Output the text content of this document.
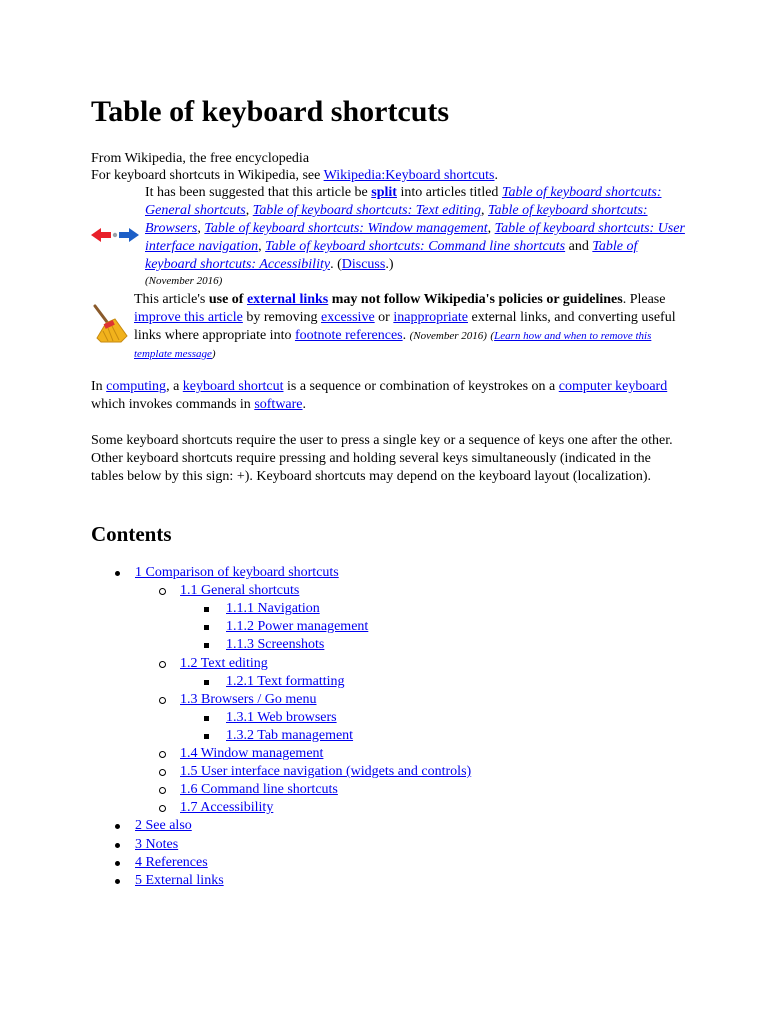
Table of keyboard shortcuts
From Wikipedia, the free encyclopedia
For keyboard shortcuts in Wikipedia, see Wikipedia:Keyboard shortcuts.

It has been suggested that this article be split into articles titled Table of keyboard shortcuts: General shortcuts, Table of keyboard shortcuts: Text editing, Table of keyboard shortcuts: Browsers, Table of keyboard shortcuts: Window management, Table of keyboard shortcuts: User interface navigation, Table of keyboard shortcuts: Command line shortcuts and Table of keyboard shortcuts: Accessibility. (Discuss.)

(November 2016)

This article's use of external links may not follow Wikipedia's policies or guidelines. Please improve this article by removing excessive or inappropriate external links, and converting useful links where appropriate into footnote references. (November 2016) (Learn how and when to remove this template message)

In computing, a keyboard shortcut is a sequence or combination of keystrokes on a computer keyboard which invokes commands in software.

Some keyboard shortcuts require the user to press a single key or a sequence of keys one after the other. Other keyboard shortcuts require pressing and holding several keys simultaneously (indicated in the tables below by this sign: +). Keyboard shortcuts may depend on the keyboard layout (localization).

Contents
1 Comparison of keyboard shortcuts
1.1 General shortcuts
1.1.1 Navigation
1.1.2 Power management
1.1.3 Screenshots
1.2 Text editing
1.2.1 Text formatting
1.3 Browsers / Go menu
1.3.1 Web browsers
1.3.2 Tab management
1.4 Window management
1.5 User interface navigation (widgets and controls)
1.6 Command line shortcuts
1.7 Accessibility
2 See also
3 Notes
4 References
5 External links
